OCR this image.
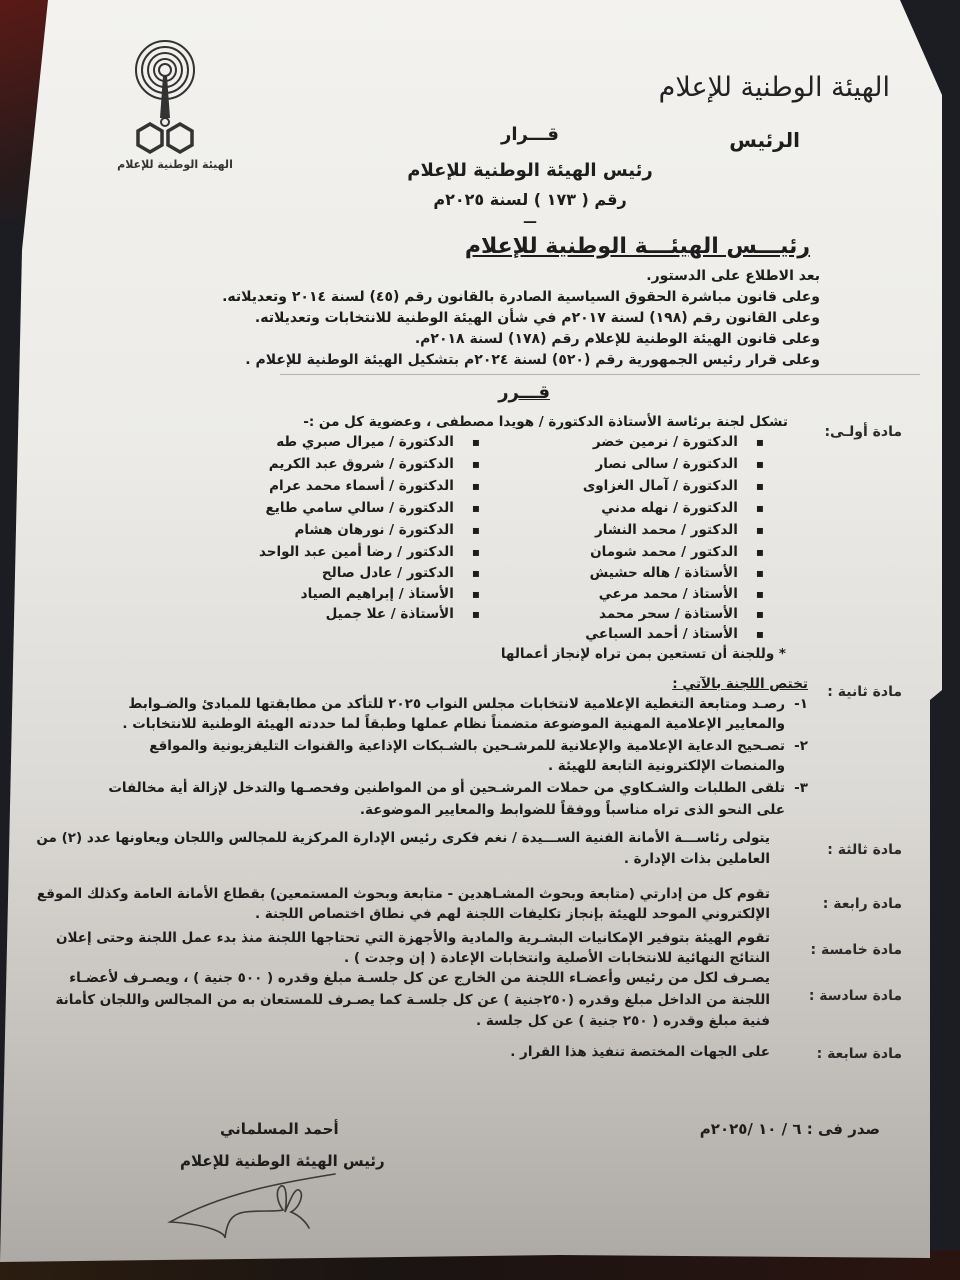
الهيئة الوطنية للإعلام
الرئيس
الهيئة الوطنية للإعلام
قـــرار
رئيس الهيئة الوطنية للإعلام
رقم ( ١٧٣ ) لسنة ٢٠٢٥م
—
رئيـــس الهيئـــة الوطنية للإعلام
بعد الاطلاع على الدستور.
وعلى قانون مباشرة الحقوق السياسية الصادرة بالقانون رقم (٤٥) لسنة ٢٠١٤ وتعديلاته.
وعلى القانون رقم (١٩٨) لسنة ٢٠١٧م في شأن الهيئة الوطنية للانتخابات وتعديلاته.
وعلى قانون الهيئة الوطنية للإعلام رقم (١٧٨) لسنة ٢٠١٨م.
وعلى قرار رئيس الجمهورية رقم (٥٢٠) لسنة ٢٠٢٤م بتشكيل الهيئة الوطنية للإعلام .
قـــرر
مادة أولـى:
تشكل لجنة برئاسة الأستاذة الدكتورة / هويدا مصطفى ، وعضوية كل من :-
▪ الدكتورة / نرمين خضر
▪ الدكتورة / سالى نصار
▪ الدكتورة / آمال الغزاوى
▪ الدكتورة / نهله مدني
▪ الدكتور / محمد النشار
▪ الدكتور / محمد شومان
▪ الأستاذة / هاله حشيش
▪ الأستاذ / محمد مرعي
▪ الأستاذة / سحر محمد
▪ الأستاذ / أحمد السباعي
▪ الدكتورة / ميرال صبري طه
▪ الدكتورة / شروق عبد الكريم
▪ الدكتورة / أسماء محمد عرام
▪ الدكتورة / سالي سامي طايع
▪ الدكتورة / نورهان هشام
▪ الدكتور / رضا أمين عبد الواحد
▪ الدكتور / عادل صالح
▪ الأستاذ / إبراهيم الصياد
▪ الأستاذة / علا جميل
* وللجنة أن تستعين بمن تراه لإنجاز أعمالها
مادة ثانية :
تختص اللجنة بالآتي :
١-
رصـد ومتابعة التغطية الإعلامية لانتخابات مجلس النواب ٢٠٢٥ للتأكد من مطابقتها للمبادئ والضـوابط
والمعايير الإعلامية المهنية الموضوعة متضمناً نظام عملها وطبقاً لما حددته الهيئة الوطنية للانتخابات .
٢-
تصـحيح الدعاية الإعلامية والإعلانية للمرشـحين بالشـبكات الإذاعية والقنوات التليفزيونية والمواقع
والمنصات الإلكترونية التابعة للهيئة .
٣-
تلقى الطلبات والشـكاوي من حملات المرشـحين أو من المواطنين وفحصـها والتدخل لإزالة أية مخالفات
على النحو الذى تراه مناسباً ووفقاً للضوابط والمعايير الموضوعة.
مادة ثالثة :
يتولى رئاســـة الأمانة الفنية الســـيدة / نغم فكرى رئيس الإدارة المركزية للمجالس واللجان ويعاونها عدد (٢) من
العاملين بذات الإدارة .
مادة رابعة :
تقوم كل من إدارتي (متابعة وبحوث المشـاهدين - متابعة وبحوث المستمعين) بقطاع الأمانة العامة وكذلك الموقع
الإلكتروني الموحد للهيئة بإنجاز تكليفات اللجنة لهم في نطاق اختصاص اللجنة .
مادة خامسة :
تقوم الهيئة بتوفير الإمكانيات البشـرية والمادية والأجهزة التي تحتاجها اللجنة منذ بدء عمل اللجنة وحتى إعلان
النتائج النهائية للانتخابات الأصلية وانتخابات الإعادة ( إن وجدت ) .
مادة سادسة :
يصـرف لكل من رئيس وأعضـاء اللجنة من الخارج عن كل جلسـة مبلغ وقدره ( ٥٠٠ جنية ) ، ويصـرف لأعضـاء
اللجنة من الداخل مبلغ وقدره (٢٥٠جنية ) عن كل جلسـة كما يصـرف للمستعان به من المجالس واللجان كأمانة
فنية مبلغ وقدره ( ٢٥٠ جنية ) عن كل جلسة .
مادة سابعة :
على الجهات المختصة تنفيذ هذا القرار .
صدر فى : ٦ / ١٠ /٢٠٢٥م
أحمد المسلماني
رئيس الهيئة الوطنية للإعلام
